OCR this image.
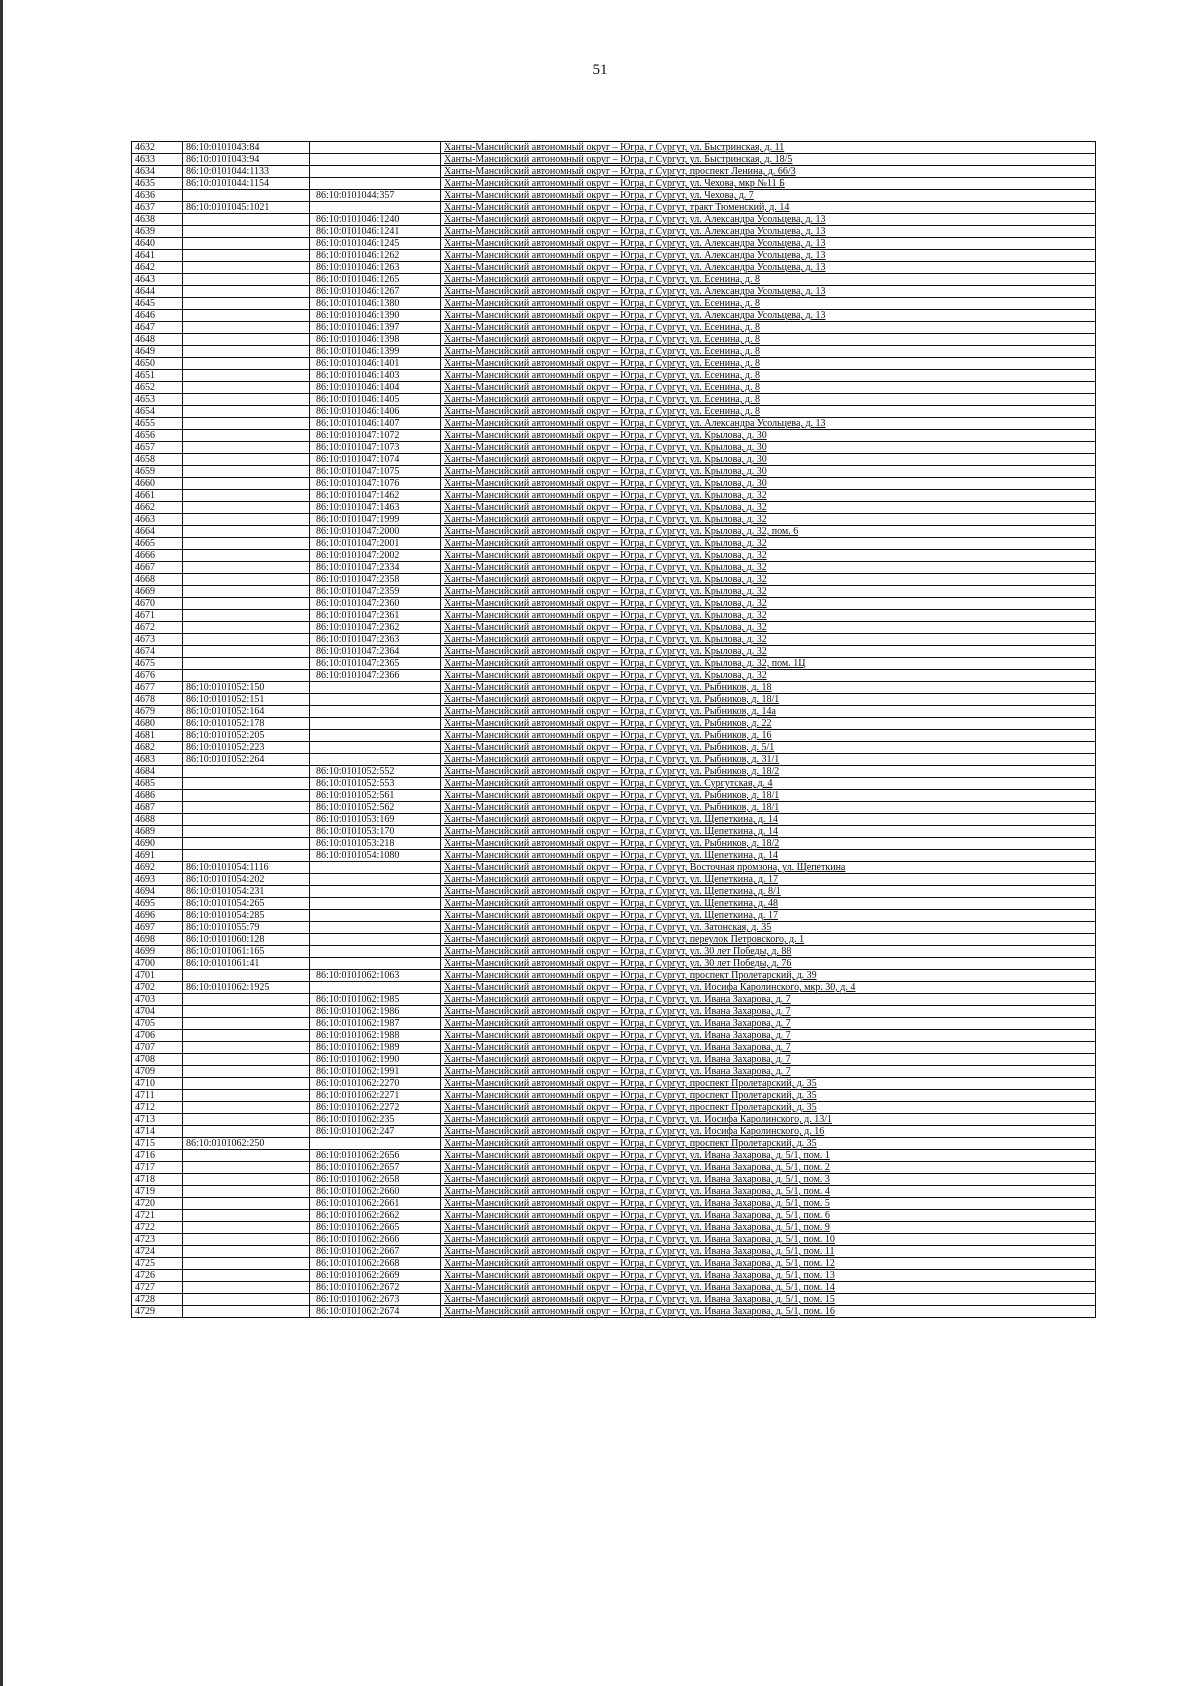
51
4632	86:10:0101043:84		Ханты-Мансийский автономный округ – Югра, г Сургут, ул. Быстринская, д. 11
4633	86:10:0101043:94		Ханты-Мансийский автономный округ – Югра, г Сургут, ул. Быстринская, д. 18/5
4634	86:10:0101044:1133		Ханты-Мансийский автономный округ – Югра, г Сургут, проспект Ленина, д. 66/3
4635	86:10:0101044:1154		Ханты-Мансийский автономный округ – Югра, г Сургут, ул. Чехова, мкр №11 Б
4636		86:10:0101044:357	Ханты-Мансийский автономный округ – Югра, г Сургут, ул. Чехова, д. 7
4637	86:10:0101045:1021		Ханты-Мансийский автономный округ – Югра, г Сургут, тракт Тюменский, д. 14
4638		86:10:0101046:1240	Ханты-Мансийский автономный округ – Югра, г Сургут, ул. Александра Усольцева, д. 13
4639		86:10:0101046:1241	Ханты-Мансийский автономный округ – Югра, г Сургут, ул. Александра Усольцева, д. 13
4640		86:10:0101046:1245	Ханты-Мансийский автономный округ – Югра, г Сургут, ул. Александра Усольцева, д. 13
4641		86:10:0101046:1262	Ханты-Мансийский автономный округ – Югра, г Сургут, ул. Александра Усольцева, д. 13
4642		86:10:0101046:1263	Ханты-Мансийский автономный округ – Югра, г Сургут, ул. Александра Усольцева, д. 13
4643		86:10:0101046:1265	Ханты-Мансийский автономный округ – Югра, г Сургут, ул. Есенина, д. 8
4644		86:10:0101046:1267	Ханты-Мансийский автономный округ – Югра, г Сургут, ул. Александра Усольцева, д. 13
4645		86:10:0101046:1380	Ханты-Мансийский автономный округ – Югра, г Сургут, ул. Есенина, д. 8
4646		86:10:0101046:1390	Ханты-Мансийский автономный округ – Югра, г Сургут, ул. Александра Усольцева, д. 13
4647		86:10:0101046:1397	Ханты-Мансийский автономный округ – Югра, г Сургут, ул. Есенина, д. 8
4648		86:10:0101046:1398	Ханты-Мансийский автономный округ – Югра, г Сургут, ул. Есенина, д. 8
4649		86:10:0101046:1399	Ханты-Мансийский автономный округ – Югра, г Сургут, ул. Есенина, д. 8
4650		86:10:0101046:1401	Ханты-Мансийский автономный округ – Югра, г Сургут, ул. Есенина, д. 8
4651		86:10:0101046:1403	Ханты-Мансийский автономный округ – Югра, г Сургут, ул. Есенина, д. 8
4652		86:10:0101046:1404	Ханты-Мансийский автономный округ – Югра, г Сургут, ул. Есенина, д. 8
4653		86:10:0101046:1405	Ханты-Мансийский автономный округ – Югра, г Сургут, ул. Есенина, д. 8
4654		86:10:0101046:1406	Ханты-Мансийский автономный округ – Югра, г Сургут, ул. Есенина, д. 8
4655		86:10:0101046:1407	Ханты-Мансийский автономный округ – Югра, г Сургут, ул. Александра Усольцева, д. 13
4656		86:10:0101047:1072	Ханты-Мансийский автономный округ – Югра, г Сургут, ул. Крылова, д. 30
4657		86:10:0101047:1073	Ханты-Мансийский автономный округ – Югра, г Сургут, ул. Крылова, д. 30
4658		86:10:0101047:1074	Ханты-Мансийский автономный округ – Югра, г Сургут, ул. Крылова, д. 30
4659		86:10:0101047:1075	Ханты-Мансийский автономный округ – Югра, г Сургут, ул. Крылова, д. 30
4660		86:10:0101047:1076	Ханты-Мансийский автономный округ – Югра, г Сургут, ул. Крылова, д. 30
4661		86:10:0101047:1462	Ханты-Мансийский автономный округ – Югра, г Сургут, ул. Крылова, д. 32
4662		86:10:0101047:1463	Ханты-Мансийский автономный округ – Югра, г Сургут, ул. Крылова, д. 32
4663		86:10:0101047:1999	Ханты-Мансийский автономный округ – Югра, г Сургут, ул. Крылова, д. 32
4664		86:10:0101047:2000	Ханты-Мансийский автономный округ – Югра, г Сургут, ул. Крылова, д. 32, пом. 6
4665		86:10:0101047:2001	Ханты-Мансийский автономный округ – Югра, г Сургут, ул. Крылова, д. 32
4666		86:10:0101047:2002	Ханты-Мансийский автономный округ – Югра, г Сургут, ул. Крылова, д. 32
4667		86:10:0101047:2334	Ханты-Мансийский автономный округ – Югра, г Сургут, ул. Крылова, д. 32
4668		86:10:0101047:2358	Ханты-Мансийский автономный округ – Югра, г Сургут, ул. Крылова, д. 32
4669		86:10:0101047:2359	Ханты-Мансийский автономный округ – Югра, г Сургут, ул. Крылова, д. 32
4670		86:10:0101047:2360	Ханты-Мансийский автономный округ – Югра, г Сургут, ул. Крылова, д. 32
4671		86:10:0101047:2361	Ханты-Мансийский автономный округ – Югра, г Сургут, ул. Крылова, д. 32
4672		86:10:0101047:2362	Ханты-Мансийский автономный округ – Югра, г Сургут, ул. Крылова, д. 32
4673		86:10:0101047:2363	Ханты-Мансийский автономный округ – Югра, г Сургут, ул. Крылова, д. 32
4674		86:10:0101047:2364	Ханты-Мансийский автономный округ – Югра, г Сургут, ул. Крылова, д. 32
4675		86:10:0101047:2365	Ханты-Мансийский автономный округ – Югра, г Сургут, ул. Крылова, д. 32, пом. 1Ц
4676		86:10:0101047:2366	Ханты-Мансийский автономный округ – Югра, г Сургут, ул. Крылова, д. 32
4677	86:10:0101052:150		Ханты-Мансийский автономный округ – Югра, г Сургут, ул. Рыбников, д. 18
4678	86:10:0101052:151		Ханты-Мансийский автономный округ – Югра, г Сургут, ул. Рыбников, д. 18/1
4679	86:10:0101052:164		Ханты-Мансийский автономный округ – Югра, г Сургут, ул. Рыбников, д. 14а
4680	86:10:0101052:178		Ханты-Мансийский автономный округ – Югра, г Сургут, ул. Рыбников, д. 22
4681	86:10:0101052:205		Ханты-Мансийский автономный округ – Югра, г Сургут, ул. Рыбников, д. 16
4682	86:10:0101052:223		Ханты-Мансийский автономный округ – Югра, г Сургут, ул. Рыбников, д. 5/1
4683	86:10:0101052:264		Ханты-Мансийский автономный округ – Югра, г Сургут, ул. Рыбников, д. 31/1
4684		86:10:0101052:552	Ханты-Мансийский автономный округ – Югра, г Сургут, ул. Рыбников, д. 18/2
4685		86:10:0101052:553	Ханты-Мансийский автономный округ – Югра, г Сургут, ул. Сургутская, д. 4
4686		86:10:0101052:561	Ханты-Мансийский автономный округ – Югра, г Сургут, ул. Рыбников, д. 18/1
4687		86:10:0101052:562	Ханты-Мансийский автономный округ – Югра, г Сургут, ул. Рыбников, д. 18/1
4688		86:10:0101053:169	Ханты-Мансийский автономный округ – Югра, г Сургут, ул. Щепеткина, д. 14
4689		86:10:0101053:170	Ханты-Мансийский автономный округ – Югра, г Сургут, ул. Щепеткина, д. 14
4690		86:10:0101053:218	Ханты-Мансийский автономный округ – Югра, г Сургут, ул. Рыбников, д. 18/2
4691		86:10:0101054:1080	Ханты-Мансийский автономный округ – Югра, г Сургут, ул. Щепеткина, д. 14
4692	86:10:0101054:1116		Ханты-Мансийский автономный округ – Югра, г Сургут, Восточная промзона, ул. Щепеткина
4693	86:10:0101054:202		Ханты-Мансийский автономный округ – Югра, г Сургут, ул. Щепеткина, д. 17
4694	86:10:0101054:231		Ханты-Мансийский автономный округ – Югра, г Сургут, ул. Щепеткина, д. 8/1
4695	86:10:0101054:265		Ханты-Мансийский автономный округ – Югра, г Сургут, ул. Щепеткина, д. 48
4696	86:10:0101054:285		Ханты-Мансийский автономный округ – Югра, г Сургут, ул. Щепеткина, д. 17
4697	86:10:0101055:79		Ханты-Мансийский автономный округ – Югра, г Сургут, ул. Затонская, д. 35
4698	86:10:0101060:128		Ханты-Мансийский автономный округ – Югра, г Сургут, переулок Петровского, д. 1
4699	86:10:0101061:165		Ханты-Мансийский автономный округ – Югра, г Сургут, ул. 30 лет Победы, д. 88
4700	86:10:0101061:41		Ханты-Мансийский автономный округ – Югра, г Сургут, ул. 30 лет Победы, д. 76
4701		86:10:0101062:1063	Ханты-Мансийский автономный округ – Югра, г Сургут, проспект Пролетарский, д. 39
4702	86:10:0101062:1925		Ханты-Мансийский автономный округ – Югра, г Сургут, ул. Иосифа Каролинского, мкр. 30, д. 4
4703		86:10:0101062:1985	Ханты-Мансийский автономный округ – Югра, г Сургут, ул. Ивана Захарова, д. 7
4704		86:10:0101062:1986	Ханты-Мансийский автономный округ – Югра, г Сургут, ул. Ивана Захарова, д. 7
4705		86:10:0101062:1987	Ханты-Мансийский автономный округ – Югра, г Сургут, ул. Ивана Захарова, д. 7
4706		86:10:0101062:1988	Ханты-Мансийский автономный округ – Югра, г Сургут, ул. Ивана Захарова, д. 7
4707		86:10:0101062:1989	Ханты-Мансийский автономный округ – Югра, г Сургут, ул. Ивана Захарова, д. 7
4708		86:10:0101062:1990	Ханты-Мансийский автономный округ – Югра, г Сургут, ул. Ивана Захарова, д. 7
4709		86:10:0101062:1991	Ханты-Мансийский автономный округ – Югра, г Сургут, ул. Ивана Захарова, д. 7
4710		86:10:0101062:2270	Ханты-Мансийский автономный округ – Югра, г Сургут, проспект Пролетарский, д. 35
4711		86:10:0101062:2271	Ханты-Мансийский автономный округ – Югра, г Сургут, проспект Пролетарский, д. 35
4712		86:10:0101062:2272	Ханты-Мансийский автономный округ – Югра, г Сургут, проспект Пролетарский, д. 35
4713		86:10:0101062:235	Ханты-Мансийский автономный округ – Югра, г Сургут, ул. Иосифа Каролинского, д. 13/1
4714		86:10:0101062:247	Ханты-Мансийский автономный округ – Югра, г Сургут, ул. Иосифа Каролинского, д. 16
4715	86:10:0101062:250		Ханты-Мансийский автономный округ – Югра, г Сургут, проспект Пролетарский, д. 35
4716		86:10:0101062:2656	Ханты-Мансийский автономный округ – Югра, г Сургут, ул. Ивана Захарова, д. 5/1, пом. 1
4717		86:10:0101062:2657	Ханты-Мансийский автономный округ – Югра, г Сургут, ул. Ивана Захарова, д. 5/1, пом. 2
4718		86:10:0101062:2658	Ханты-Мансийский автономный округ – Югра, г Сургут, ул. Ивана Захарова, д. 5/1, пом. 3
4719		86:10:0101062:2660	Ханты-Мансийский автономный округ – Югра, г Сургут, ул. Ивана Захарова, д. 5/1, пом. 4
4720		86:10:0101062:2661	Ханты-Мансийский автономный округ – Югра, г Сургут, ул. Ивана Захарова, д. 5/1, пом. 5
4721		86:10:0101062:2662	Ханты-Мансийский автономный округ – Югра, г Сургут, ул. Ивана Захарова, д. 5/1, пом. 6
4722		86:10:0101062:2665	Ханты-Мансийский автономный округ – Югра, г Сургут, ул. Ивана Захарова, д. 5/1, пом. 9
4723		86:10:0101062:2666	Ханты-Мансийский автономный округ – Югра, г Сургут, ул. Ивана Захарова, д. 5/1, пом. 10
4724		86:10:0101062:2667	Ханты-Мансийский автономный округ – Югра, г Сургут, ул. Ивана Захарова, д. 5/1, пом. 11
4725		86:10:0101062:2668	Ханты-Мансийский автономный округ – Югра, г Сургут, ул. Ивана Захарова, д. 5/1, пом. 12
4726		86:10:0101062:2669	Ханты-Мансийский автономный округ – Югра, г Сургут, ул. Ивана Захарова, д. 5/1, пом. 13
4727		86:10:0101062:2672	Ханты-Мансийский автономный округ – Югра, г Сургут, ул. Ивана Захарова, д. 5/1, пом. 14
4728		86:10:0101062:2673	Ханты-Мансийский автономный округ – Югра, г Сургут, ул. Ивана Захарова, д. 5/1, пом. 15
4729		86:10:0101062:2674	Ханты-Мансийский автономный округ – Югра, г Сургут, ул. Ивана Захарова, д. 5/1, пом. 16
